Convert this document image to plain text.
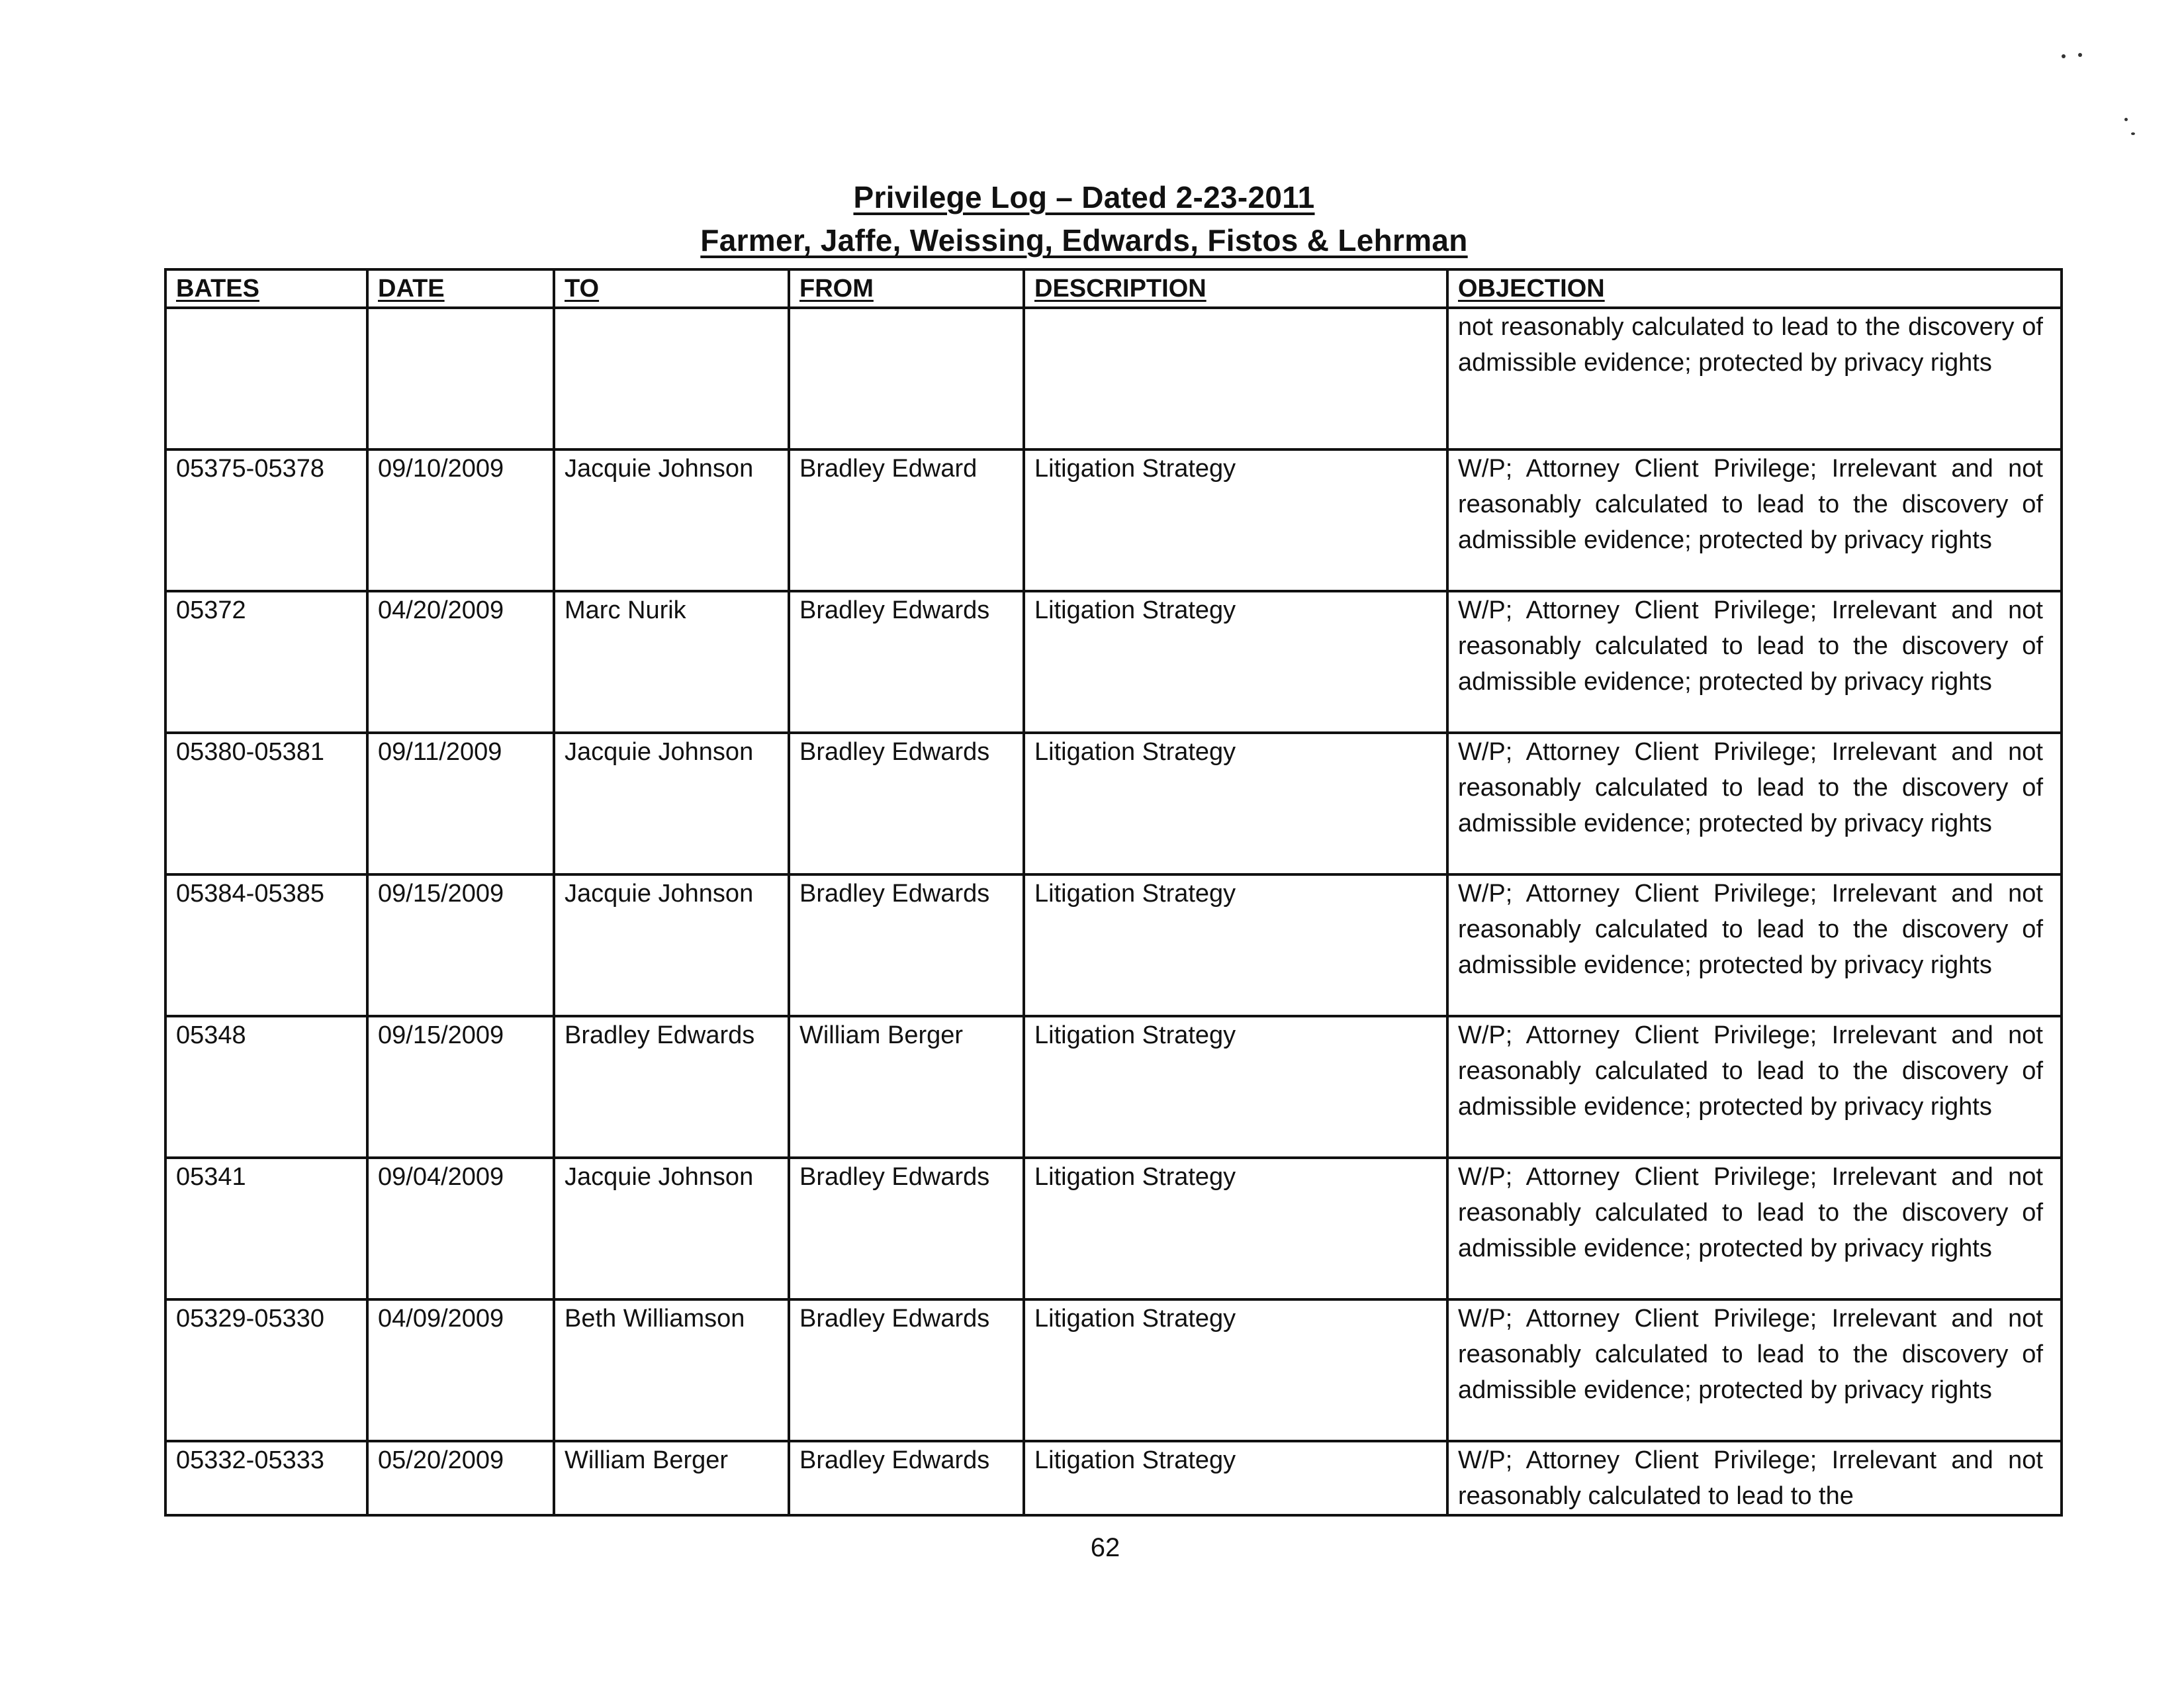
Privilege Log – Dated 2-23-2011
Farmer, Jaffe, Weissing, Edwards, Fistos & Lehrman
BATES	DATE	TO	FROM	DESCRIPTION	OBJECTION
					not reasonably calculated to lead to the discovery of admissible evidence; protected by privacy rights
05375-05378	09/10/2009	Jacquie Johnson	Bradley Edward	Litigation Strategy	W/P; Attorney Client Privilege; Irrelevant and not reasonably calculated to lead to the discovery of admissible evidence; protected by privacy rights
05372	04/20/2009	Marc Nurik	Bradley Edwards	Litigation Strategy	W/P; Attorney Client Privilege; Irrelevant and not reasonably calculated to lead to the discovery of admissible evidence; protected by privacy rights
05380-05381	09/11/2009	Jacquie Johnson	Bradley Edwards	Litigation Strategy	W/P; Attorney Client Privilege; Irrelevant and not reasonably calculated to lead to the discovery of admissible evidence; protected by privacy rights
05384-05385	09/15/2009	Jacquie Johnson	Bradley Edwards	Litigation Strategy	W/P; Attorney Client Privilege; Irrelevant and not reasonably calculated to lead to the discovery of admissible evidence; protected by privacy rights
05348	09/15/2009	Bradley Edwards	William Berger	Litigation Strategy	W/P; Attorney Client Privilege; Irrelevant and not reasonably calculated to lead to the discovery of admissible evidence; protected by privacy rights
05341	09/04/2009	Jacquie Johnson	Bradley Edwards	Litigation Strategy	W/P; Attorney Client Privilege; Irrelevant and not reasonably calculated to lead to the discovery of admissible evidence; protected by privacy rights
05329-05330	04/09/2009	Beth Williamson	Bradley Edwards	Litigation Strategy	W/P; Attorney Client Privilege; Irrelevant and not reasonably calculated to lead to the discovery of admissible evidence; protected by privacy rights
05332-05333	05/20/2009	William Berger	Bradley Edwards	Litigation Strategy	W/P; Attorney Client Privilege; Irrelevant and not reasonably calculated to lead to the
62
